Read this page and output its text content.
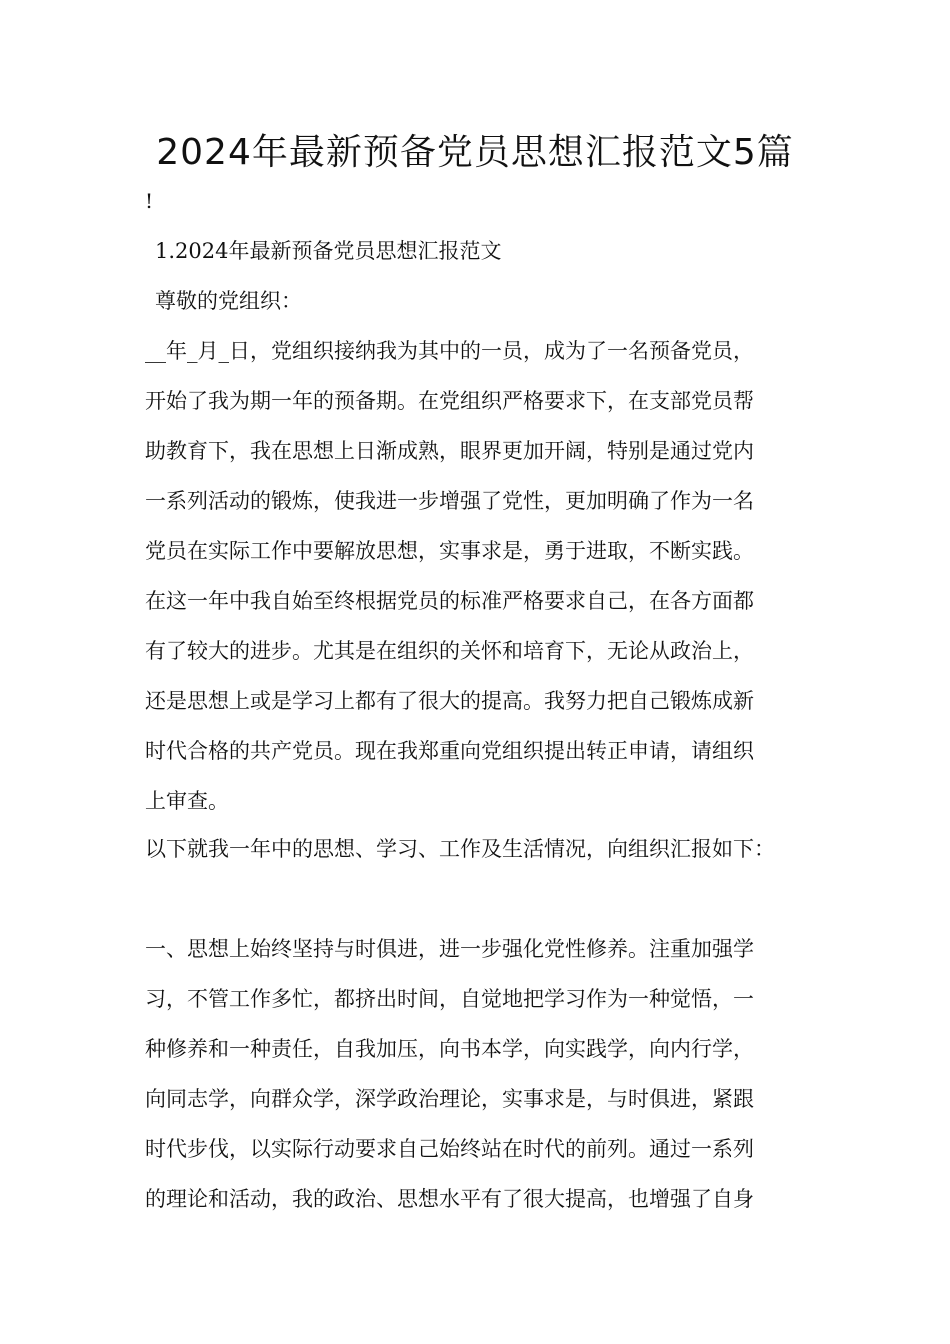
2024年最新预备党员思想汇报范文5篇
!
1.2024年最新预备党员思想汇报范文
尊敬的党组织：
__年_月_日，党组织接纳我为其中的一员，成为了一名预备党员，
开始了我为期一年的预备期。在党组织严格要求下，在支部党员帮
助教育下，我在思想上日渐成熟，眼界更加开阔，特别是通过党内
一系列活动的锻炼，使我进一步增强了党性，更加明确了作为一名
党员在实际工作中要解放思想，实事求是，勇于进取，不断实践。
在这一年中我自始至终根据党员的标准严格要求自己，在各方面都
有了较大的进步。尤其是在组织的关怀和培育下，无论从政治上，
还是思想上或是学习上都有了很大的提高。我努力把自己锻炼成新
时代合格的共产党员。现在我郑重向党组织提出转正申请，请组织
上审查。
以下就我一年中的思想、学习、工作及生活情况，向组织汇报如下：
一、思想上始终坚持与时俱进，进一步强化党性修养。注重加强学
习，不管工作多忙，都挤出时间，自觉地把学习作为一种觉悟，一
种修养和一种责任，自我加压，向书本学，向实践学，向内行学，
向同志学，向群众学，深学政治理论，实事求是，与时俱进，紧跟
时代步伐，以实际行动要求自己始终站在时代的前列。通过一系列
的理论和活动，我的政治、思想水平有了很大提高，也增强了自身
